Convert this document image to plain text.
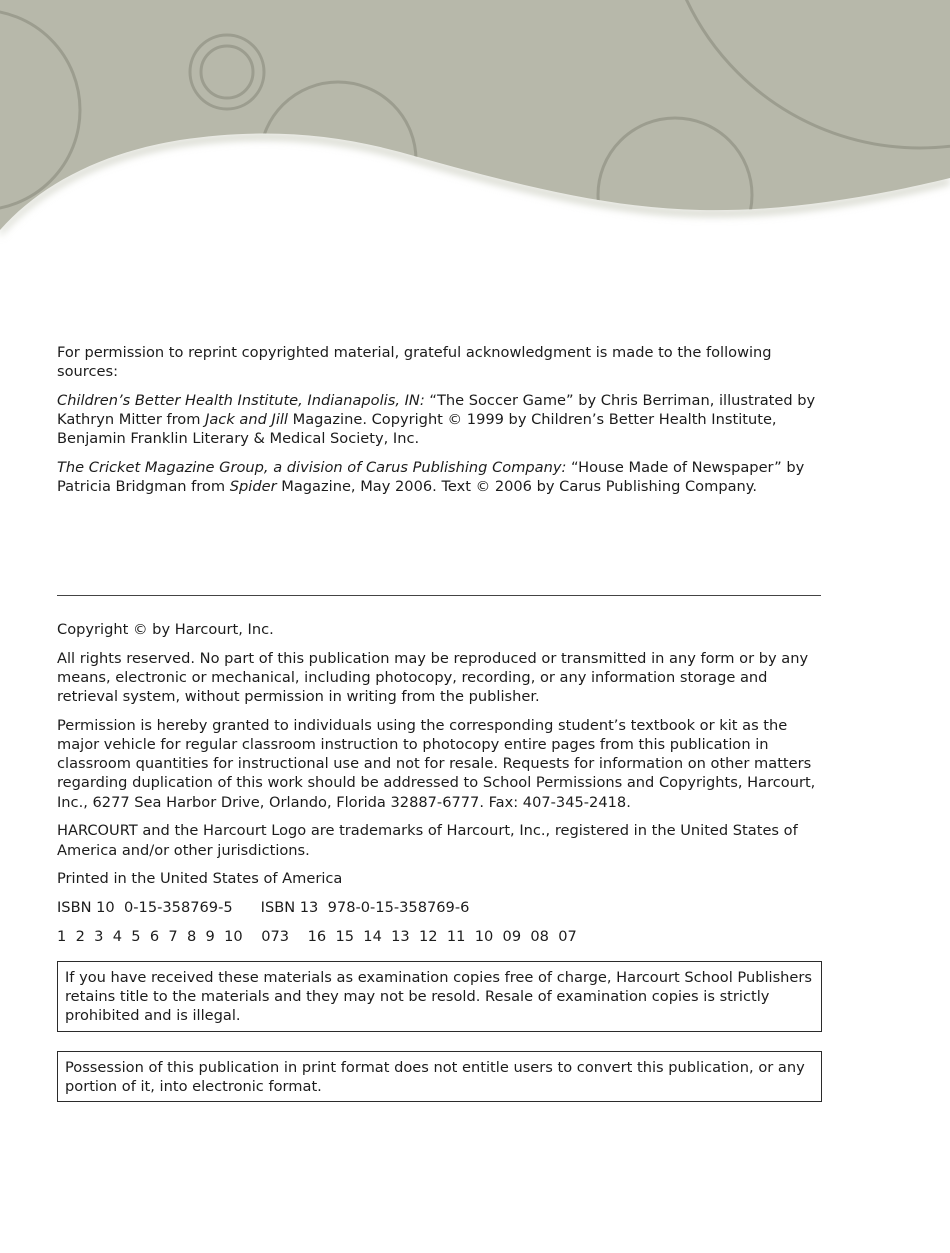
For permission to reprint copyrighted material, grateful acknowledgment is made to the following sources:

Children’s Better Health Institute, Indianapolis, IN: “The Soccer Game” by Chris Berriman, illustrated by Kathryn Mitter from Jack and Jill Magazine. Copyright © 1999 by Children’s Better Health Institute, Benjamin Franklin Literary & Medical Society, Inc.

The Cricket Magazine Group, a division of Carus Publishing Company: “House Made of Newspaper” by Patricia Bridgman from Spider Magazine, May 2006. Text © 2006 by Carus Publishing Company.

Copyright © by Harcourt, Inc.

All rights reserved. No part of this publication may be reproduced or transmitted in any form or by any means, electronic or mechanical, including photocopy, recording, or any information storage and retrieval system, without permission in writing from the publisher.

Permission is hereby granted to individuals using the corresponding student’s textbook or kit as the major vehicle for regular classroom instruction to photocopy entire pages from this publication in classroom quantities for instructional use and not for resale. Requests for information on other matters regarding duplication of this work should be addressed to School Permissions and Copyrights, Harcourt, Inc., 6277 Sea Harbor Drive, Orlando, Florida 32887-6777. Fax: 407-345-2418.

HARCOURT and the Harcourt Logo are trademarks of Harcourt, Inc., registered in the United States of America and/or other jurisdictions.

Printed in the United States of America

ISBN 10  0-15-358769-5 ISBN 13  978-0-15-358769-6

1  2  3  4  5  6  7  8  9  10    073    16  15  14  13  12  11  10  09  08  07

If you have received these materials as examination copies free of charge, Harcourt School Publishers retains title to the materials and they may not be resold. Resale of examination copies is strictly prohibited and is illegal.
Possession of this publication in print format does not entitle users to convert this publication, or any portion of it, into electronic format.
